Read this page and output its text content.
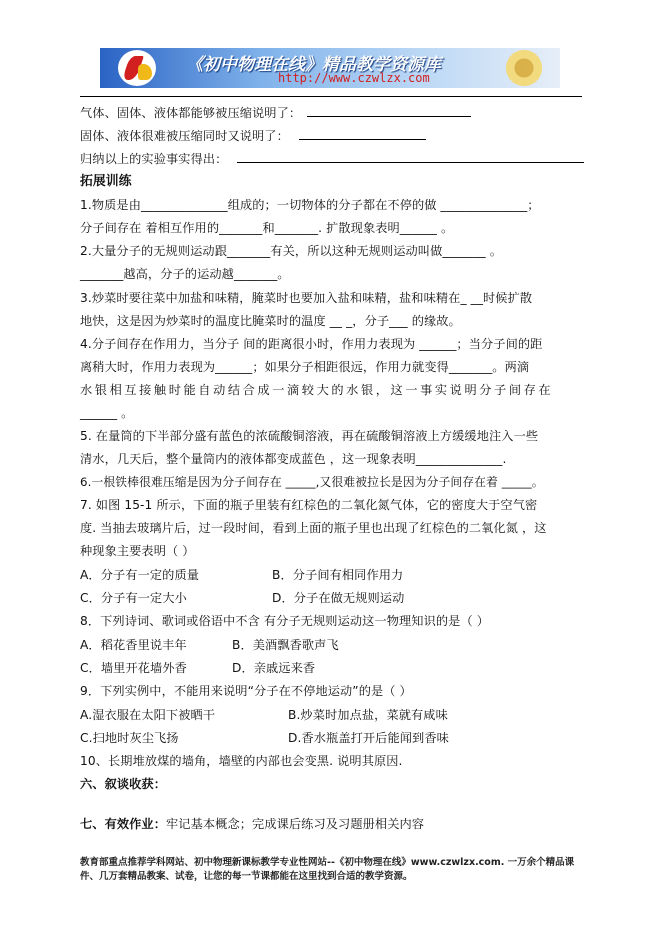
《初中物理在线》精品教学资源库
http://www.czwlzx.com
气体、固体、液体都能够被压缩说明了：
固体、液体很难被压缩同时又说明了：
归纳以上的实验事实得出：
拓展训练
1.物质是由______________组成的；一切物体的分子都在不停的做 ______________；
分子间存在 着相互作用的_______和_______. 扩散现象表明______ 。
2.大量分子的无规则运动跟_______有关，所以这种无规则运动叫做_______ 。
_______越高，分子的运动越_______。
3.炒菜时要往菜中加盐和味精，腌菜时也要加入盐和味精，盐和味精在_ __时候扩散
地快，这是因为炒菜时的温度比腌菜时的温度 __ _，分子___ 的缘故。
4.分子间存在作用力，当分子 间的距离很小时，作用力表现为 ______；当分子间的距
离稍大时，作用力表现为______；如果分子相距很远，作用力就变得_______。两滴
水银相互接触时能自动结合成一滴较大的水银，这一事实说明分子间存在
______ 。
5. 在量筒的下半部分盛有蓝色的浓硫酸铜溶液，再在硫酸铜溶液上方缓缓地注入一些
清水，几天后，整个量筒内的液体都变成蓝色 ，这一现象表明______________.
6.一根铁棒很难压缩是因为分子间存在 _____,又很难被拉长是因为分子间存在着 _____。
7. 如图 15-1 所示，下面的瓶子里装有红棕色的二氧化氮气体，它的密度大于空气密
度. 当抽去玻璃片后，过一段时间，看到上面的瓶子里也出现了红棕色的二氧化氮 ，这
种现象主要表明（ ）
A．分子有一定的质量	B．分子间有相同作用力
C．分子有一定大小	D．分子在做无规则运动
8．下列诗词、歌词或俗语中不含 有分子无规则运动这一物理知识的是（ ）
A．稻花香里说丰年	B．美酒飘香歌声飞
C．墙里开花墙外香	D．亲戚远来香
9．下列实例中，不能用来说明“分子在不停地运动”的是（ ）
A.湿衣服在太阳下被晒干	B.炒菜时加点盐，菜就有咸味
C.扫地时灰尘飞扬	D.香水瓶盖打开后能闻到香味
10、长期堆放煤的墙角，墙壁的内部也会变黑. 说明其原因.
六、叙谈收获：
七、有效作业：牢记基本概念；完成课后练习及习题册相关内容
教育部重点推荐学科网站、初中物理新课标教学专业性网站--《初中物理在线》www.czwlzx.com. 一万余个精品课
件、几万套精品教案、试卷，让您的每一节课都能在这里找到合适的教学资源。
